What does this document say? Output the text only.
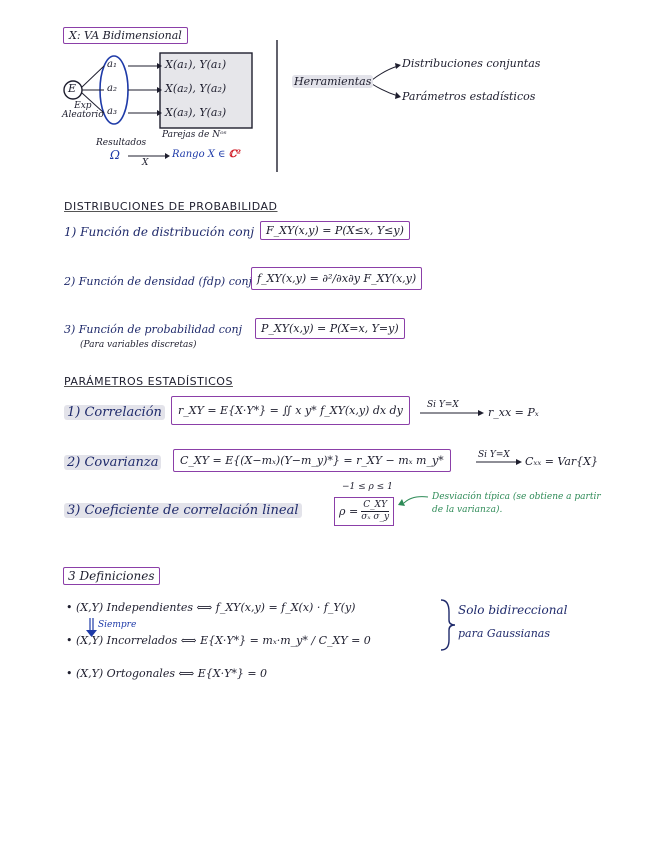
X: VA Bidimensional
E
Exp
Aleatorio
a₁
a₂
a₃
X(a₁), Y(a₁)
X(a₂), Y(a₂)
X(a₃), Y(a₃)
Resultados
Parejas de Nᵒˢ
Ω
X
Rango X ∈ ℂ²
Herramientas
Distribuciones conjuntas
Parámetros estadísticos
DISTRIBUCIONES DE PROBABILIDAD
1) Función de distribución conj	F_XY(x,y) = P(X≤x, Y≤y)
2) Función de densidad (fdp) conj f_XY(x,y) = ∂²/∂x∂y F_XY(x,y)
3) Función de probabilidad conj
(Para variables discretas)
P_XY(x,y) = P(X=x, Y=y)
PARÁMETROS ESTADÍSTICOS
1) Correlación	r_XY = E{X·Y*} = ∬ x y* f_XY(x,y) dx dy	Si Y=X
r_xx = Pₓ
2) Covarianza	C_XY = E{(X−mₓ)(Y−m_y)*} = r_XY − mₓ m_y*	Si Y=X Cₓₓ = Var{X}
3) Coeficiente de correlación lineal
−1 ≤ ρ ≤ 1
$\rho = \frac{C\_XY}{\text{σₓ σ\_y}}$
Desviación típica (se obtiene a partir de la varianza).
3 Definiciones
• (X,Y) Independientes ⟺ f_XY(x,y) = f_X(x) · f_Y(y)
Siempre
• (X,Y) Incorrelados ⟺ E{X·Y*} = mₓ·m_y* / C_XY = 0
• (X,Y) Ortogonales ⟺ E{X·Y*} = 0
Solo bidireccional
para Gaussianas
